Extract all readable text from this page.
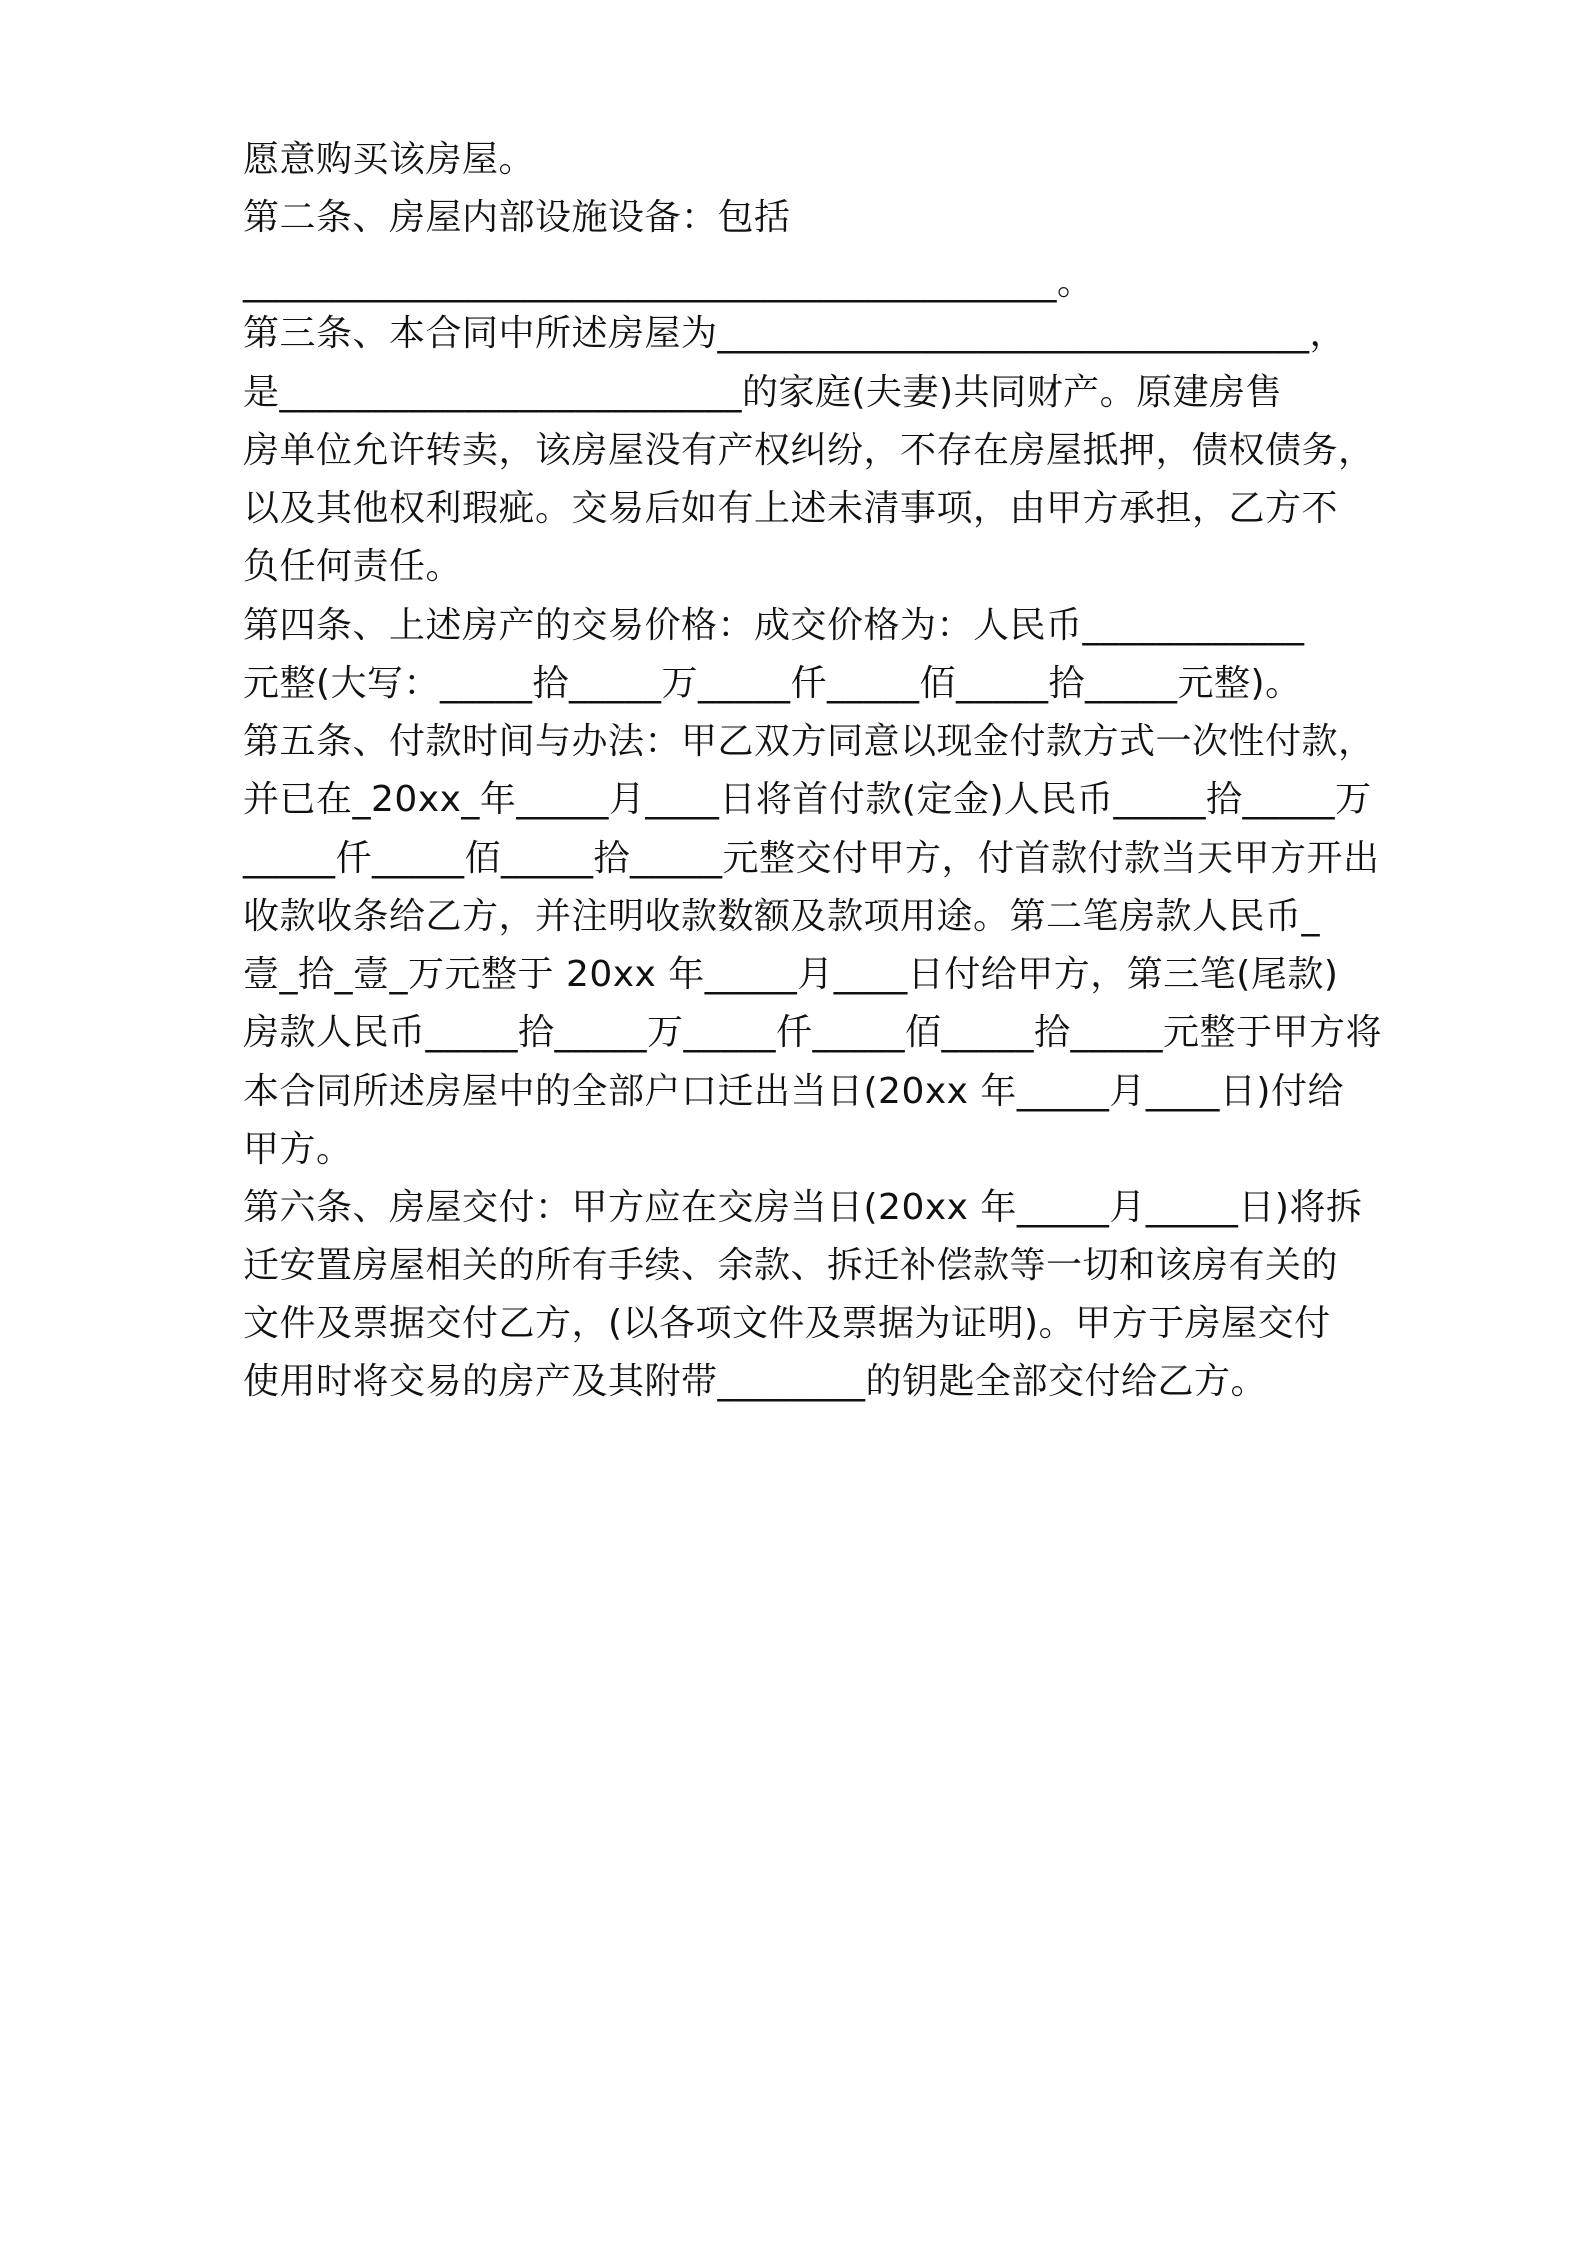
愿意购买该房屋。
第二条、房屋内部设施设备：包括
____________________________________________。
第三条、本合同中所述房屋为________________________________，
是_________________________的家庭(夫妻)共同财产。原建房售
房单位允许转卖，该房屋没有产权纠纷，不存在房屋抵押，债权债务，
以及其他权利瑕疵。交易后如有上述未清事项，由甲方承担，乙方不
负任何责任。
第四条、上述房产的交易价格：成交价格为：人民币____________
元整(大写：_____拾_____万_____仟_____佰_____拾_____元整)。
第五条、付款时间与办法：甲乙双方同意以现金付款方式一次性付款，
并已在_20xx_年_____月____日将首付款(定金)人民币_____拾_____万
_____仟_____佰_____拾_____元整交付甲方，付首款付款当天甲方开出
收款收条给乙方，并注明收款数额及款项用途。第二笔房款人民币_
壹_拾_壹_万元整于 20xx 年_____月____日付给甲方，第三笔(尾款)
房款人民币_____拾_____万_____仟_____佰_____拾_____元整于甲方将
本合同所述房屋中的全部户口迁出当日(20xx 年_____月____日)付给
甲方。
第六条、房屋交付：甲方应在交房当日(20xx 年_____月_____日)将拆
迁安置房屋相关的所有手续、余款、拆迁补偿款等一切和该房有关的
文件及票据交付乙方，(以各项文件及票据为证明)。甲方于房屋交付
使用时将交易的房产及其附带________的钥匙全部交付给乙方。
